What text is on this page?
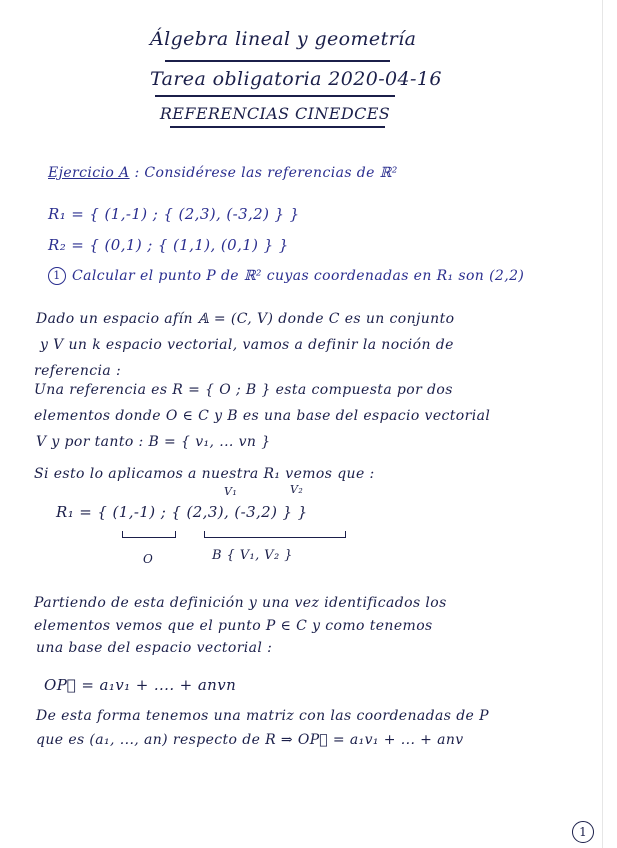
Álgebra lineal y geometría
Tarea obligatoria 2020-04-16
REFERENCIAS CINEDCES
Ejercicio A : Considérese las referencias de ℝ²
R₁ = { (1,-1) ; { (2,3), (-3,2) } }
R₂ = { (0,1) ; { (1,1), (0,1) } }
1 Calcular el punto P de ℝ² cuyas coordenadas en R₁ son (2,2)
Dado un espacio afín 𝔸 = (C, V) donde C es un conjunto
y V un k espacio vectorial, vamos a definir la noción de
referencia :
Una referencia es R = { O ; B } esta compuesta por dos
elementos donde O ∈ C y B es una base del espacio vectorial
V y por tanto : B = { v₁, ... vn }
Si esto lo aplicamos a nuestra R₁ vemos que :
V₁	V₂
R₁ = { (1,-1) ; { (2,3), (-3,2) } }
O	B { V₁, V₂ }
Partiendo de esta definición y una vez identificados los
elementos vemos que el punto P ∈ C y como tenemos
una base del espacio vectorial :
OP⃗ = a₁v₁ + .... + anvn
De esta forma tenemos una matriz con las coordenadas de P
que es (a₁, ..., an) respecto de R ⇒ OP⃗ = a₁v₁ + ... + anv
1
